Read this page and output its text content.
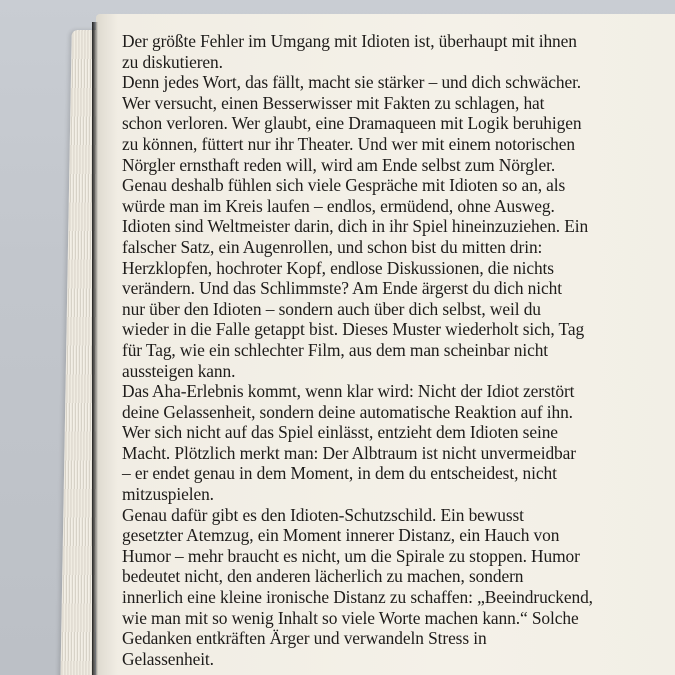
Der größte Fehler im Umgang mit Idioten ist, überhaupt mit ihnen
zu diskutieren.
Denn jedes Wort, das fällt, macht sie stärker – und dich schwächer.
Wer versucht, einen Besserwisser mit Fakten zu schlagen, hat
schon verloren. Wer glaubt, eine Dramaqueen mit Logik beruhigen
zu können, füttert nur ihr Theater. Und wer mit einem notorischen
Nörgler ernsthaft reden will, wird am Ende selbst zum Nörgler.
Genau deshalb fühlen sich viele Gespräche mit Idioten so an, als
würde man im Kreis laufen – endlos, ermüdend, ohne Ausweg.
Idioten sind Weltmeister darin, dich in ihr Spiel hineinzuziehen. Ein
falscher Satz, ein Augenrollen, und schon bist du mitten drin:
Herzklopfen, hochroter Kopf, endlose Diskussionen, die nichts
verändern. Und das Schlimmste? Am Ende ärgerst du dich nicht
nur über den Idioten – sondern auch über dich selbst, weil du
wieder in die Falle getappt bist. Dieses Muster wiederholt sich, Tag
für Tag, wie ein schlechter Film, aus dem man scheinbar nicht
aussteigen kann.
Das Aha-Erlebnis kommt, wenn klar wird: Nicht der Idiot zerstört
deine Gelassenheit, sondern deine automatische Reaktion auf ihn.
Wer sich nicht auf das Spiel einlässt, entzieht dem Idioten seine
Macht. Plötzlich merkt man: Der Albtraum ist nicht unvermeidbar
– er endet genau in dem Moment, in dem du entscheidest, nicht
mitzuspielen.
Genau dafür gibt es den Idioten-Schutzschild. Ein bewusst
gesetzter Atemzug, ein Moment innerer Distanz, ein Hauch von
Humor – mehr braucht es nicht, um die Spirale zu stoppen. Humor
bedeutet nicht, den anderen lächerlich zu machen, sondern
innerlich eine kleine ironische Distanz zu schaffen: „Beeindruckend,
wie man mit so wenig Inhalt so viele Worte machen kann.“ Solche
Gedanken entkräften Ärger und verwandeln Stress in
Gelassenheit.
